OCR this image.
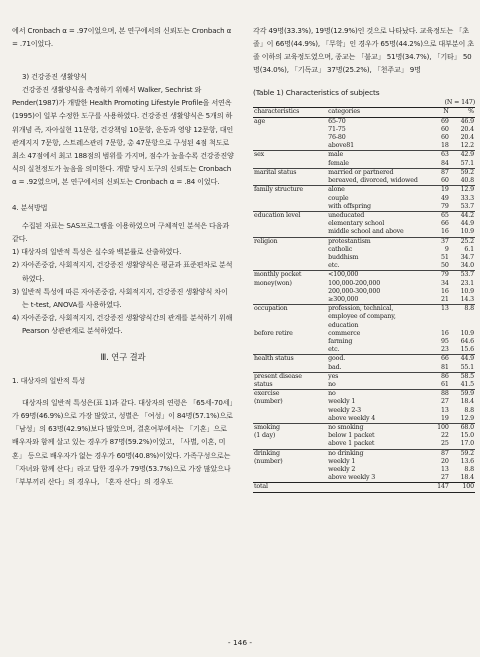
에서 Cronbach α = .97이었으며, 본 연구에서의 신뢰도는 Cronbach α = .71이었다.

3) 건강증진 생활양식

건강증진 생활양식을 측정하기 위해서 Walker, Sechrist 와 Pender(1987)가 개발한 Health Promoting Lifestyle Profile을 서연옥(1995)이 일부 수정한 도구를 사용하였다. 건강증진 생활양식은 5개의 하위개념 즉, 자아실현 11문항, 건강책임 10문항, 운동과 영양 12문항, 대인관계지지 7문항, 스트레스관리 7문항, 총 47문항으로 구성된 4점 척도로 최소 47점에서 최고 188점의 범위를 가지며, 점수가 높을수록 건강증진양식의 실천정도가 높음을 의미한다. 개발 당시 도구의 신뢰도는 Cronbach α = .92였으며, 본 연구에서의 신뢰도는 Cronbach α = .84 이었다.

4. 분석방법

수집된 자료는 SAS프로그램을 이용하였으며 구체적인 분석은 다음과 같다.

1) 대상자의 일반적 특성은 실수와 백분률로 산출하였다.

2) 자아존중감, 사회적지지, 건강증진 생활양식은 평균과 표준편차로 분석하였다.

3) 일반적 특성에 따른 자아존중감, 사회적지지, 건강증진 생활양식 차이는 t-test, ANOVA를 사용하였다.

4) 자아존중감, 사회적지지, 건강증진 생활양식간의 관계를 분석하기 위해 Pearson 상관관계로 분석하였다.

Ⅲ. 연구 결과

1. 대상자의 일반적 특성

대상자의 일반적 특성은(표 1)과 같다. 대상자의 연령은 「65세-70세」가 69명(46.9%)으로 가장 많았고, 성별은 「여성」이 84명(57.1%)으로 「남성」의 63명(42.9%)보다 많았으며, 결혼여부에서는 「기혼」으로 배우자와 함께 살고 있는 경우가 87명(59.2%)이었고, 「사별, 이혼, 미혼」 등으로 배우자가 없는 경우가 60명(40.8%)이었다. 가족구성으로는 「자녀와 함께 산다」라고 답한 경우가 79명(53.7%)으로 가장 많았으나 「부부끼리 산다」의 경우나, 「혼자 산다」의 경우도

각각 49명(33.3%), 19명(12.9%)인 것으로 나타났다. 교육정도는 「초졸」이 66명(44.9%), 「무학」인 경우가 65명(44.2%)으로 대부분이 초졸 이하의 교육정도였으며, 종교는 「불교」 51명(34.7%), 「기타」 50명(34.0%), 「기독교」 37명(25.2%), 「천주교」 9명

(Table 1) Characteristics of subjects

(N = 147)
characteristics	categories	N	%
age	65-70	69	46.9
	71-75	60	20.4
	76-80	60	20.4
	above81	18	12.2
sex	male	63	42.9
	female	84	57.1
marital status	married or partnered	87	59.2
	bereaved, divorced, widowed	60	40.8
family structure	alone	19	12.9
	couple	49	33.3
	with offspring	79	53.7
education level	uneducated	65	44.2
	elementary school	66	44.9
	middle school and above	16	10.9
religion	protestantism	37	25.2
	catholic	9	6.1
	buddhism	51	34.7
	etc.	50	34.0
monthly pocket	<100,000	79	53.7
money(won)	100,000-200,000	34	23.1
	200,000-300,000	16	10.9
	≥300,000	21	14.3
occupation	profession, technical, employee of company, education	13	8.8
before retire	commerce	16	10.9
	farming	95	64.6
	etc.	23	15.6
health status	good.	66	44.9
	bad.	81	55.1
present disease	yes	86	58.5
status	no	61	41.5
exercise	no	88	59.9
(number)	weekly 1	27	18.4
	weekly 2-3	13	8.8
	above weekly 4	19	12.9
smoking	no smoking	100	68.0
(1 day)	below 1 packet	22	15.0
	above 1 packet	25	17.0
drinking	no drinking	87	59.2
(number)	weekly 1	20	13.6
	weekly 2	13	8.8
	above weekly 3	27	18.4
total		147	100
- 146 -
